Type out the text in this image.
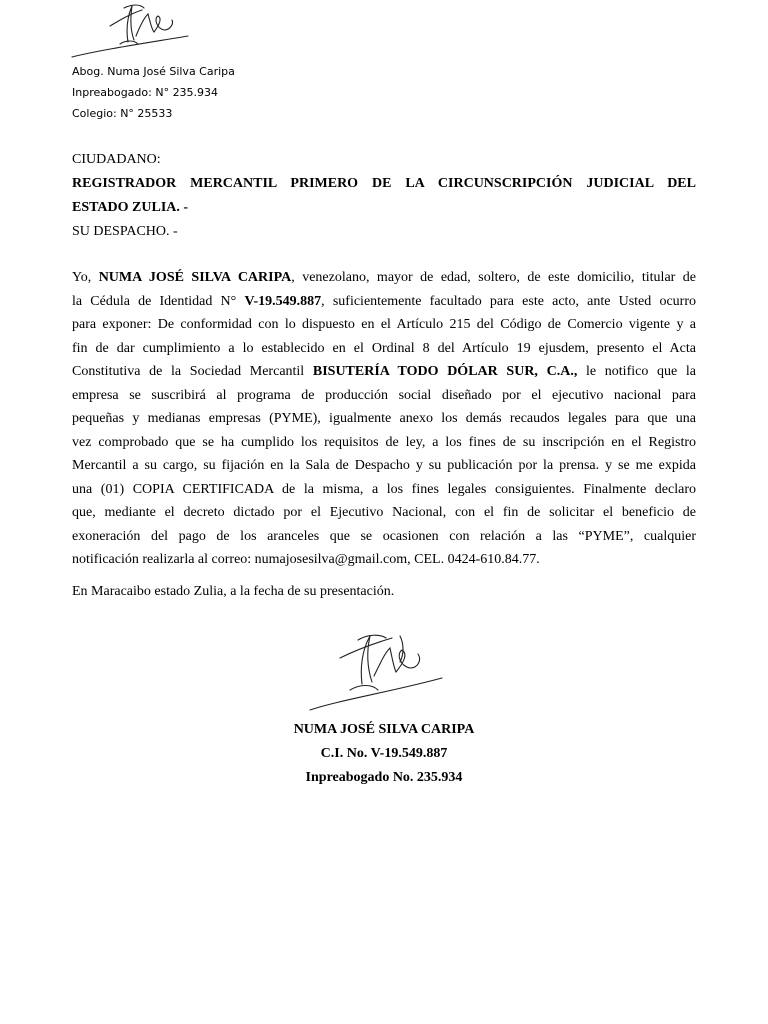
Abog. Numa José Silva Caripa
Inpreabogado: N° 235.934
Colegio: N° 25533
CIUDADANO:
REGISTRADOR MERCANTIL PRIMERO DE LA CIRCUNSCRIPCIÓN JUDICIAL DEL
ESTADO ZULIA. -
SU DESPACHO. -
Yo, NUMA JOSÉ SILVA CARIPA, venezolano, mayor de edad, soltero, de este domicilio, titular de
la Cédula de Identidad N° V-19.549.887, suficientemente facultado para este acto, ante Usted ocurro
para exponer: De conformidad con lo dispuesto en el Artículo 215 del Código de Comercio vigente y a
fin de dar cumplimiento a lo establecido en el Ordinal 8 del Artículo 19 ejusdem, presento el Acta
Constitutiva de la Sociedad Mercantil BISUTERÍA TODO DÓLAR SUR, C.A., le notifico que la
empresa se suscribirá al programa de producción social diseñado por el ejecutivo nacional para
pequeñas y medianas empresas (PYME), igualmente anexo los demás recaudos legales para que una
vez comprobado que se ha cumplido los requisitos de ley, a los fines de su inscripción en el Registro
Mercantil a su cargo, su fijación en la Sala de Despacho y su publicación por la prensa. y se me expida
una (01) COPIA CERTIFICADA de la misma, a los fines legales consiguientes. Finalmente declaro
que, mediante el decreto dictado por el Ejecutivo Nacional, con el fin de solicitar el beneficio de
exoneración del pago de los aranceles que se ocasionen con relación a las “PYME”, cualquier
notificación realizarla al correo: numajosesilva@gmail.com, CEL. 0424-610.84.77.
En Maracaibo estado Zulia, a la fecha de su presentación.
NUMA JOSÉ SILVA CARIPA
C.I. No. V-19.549.887
Inpreabogado No. 235.934
